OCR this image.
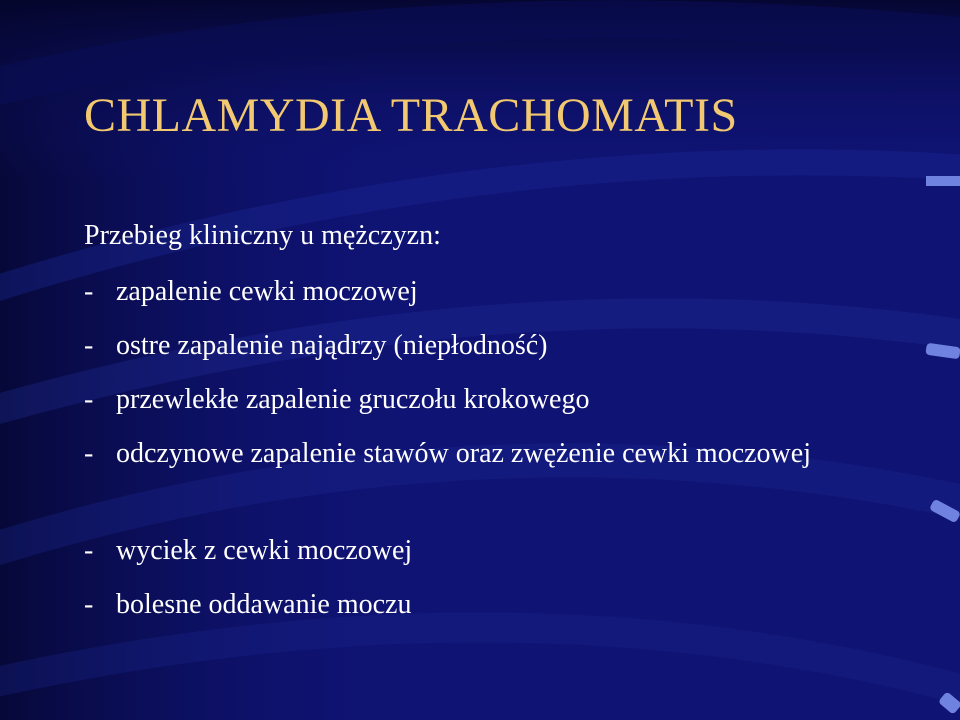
CHLAMYDIA TRACHOMATIS

Przebieg kliniczny u mężczyzn:

- zapalenie cewki moczowej
- ostre zapalenie najądrzy (niepłodność)
- przewlekłe zapalenie gruczołu krokowego
- odczynowe zapalenie stawów oraz zwężenie cewki moczowej
- wyciek z cewki moczowej
- bolesne oddawanie moczu
